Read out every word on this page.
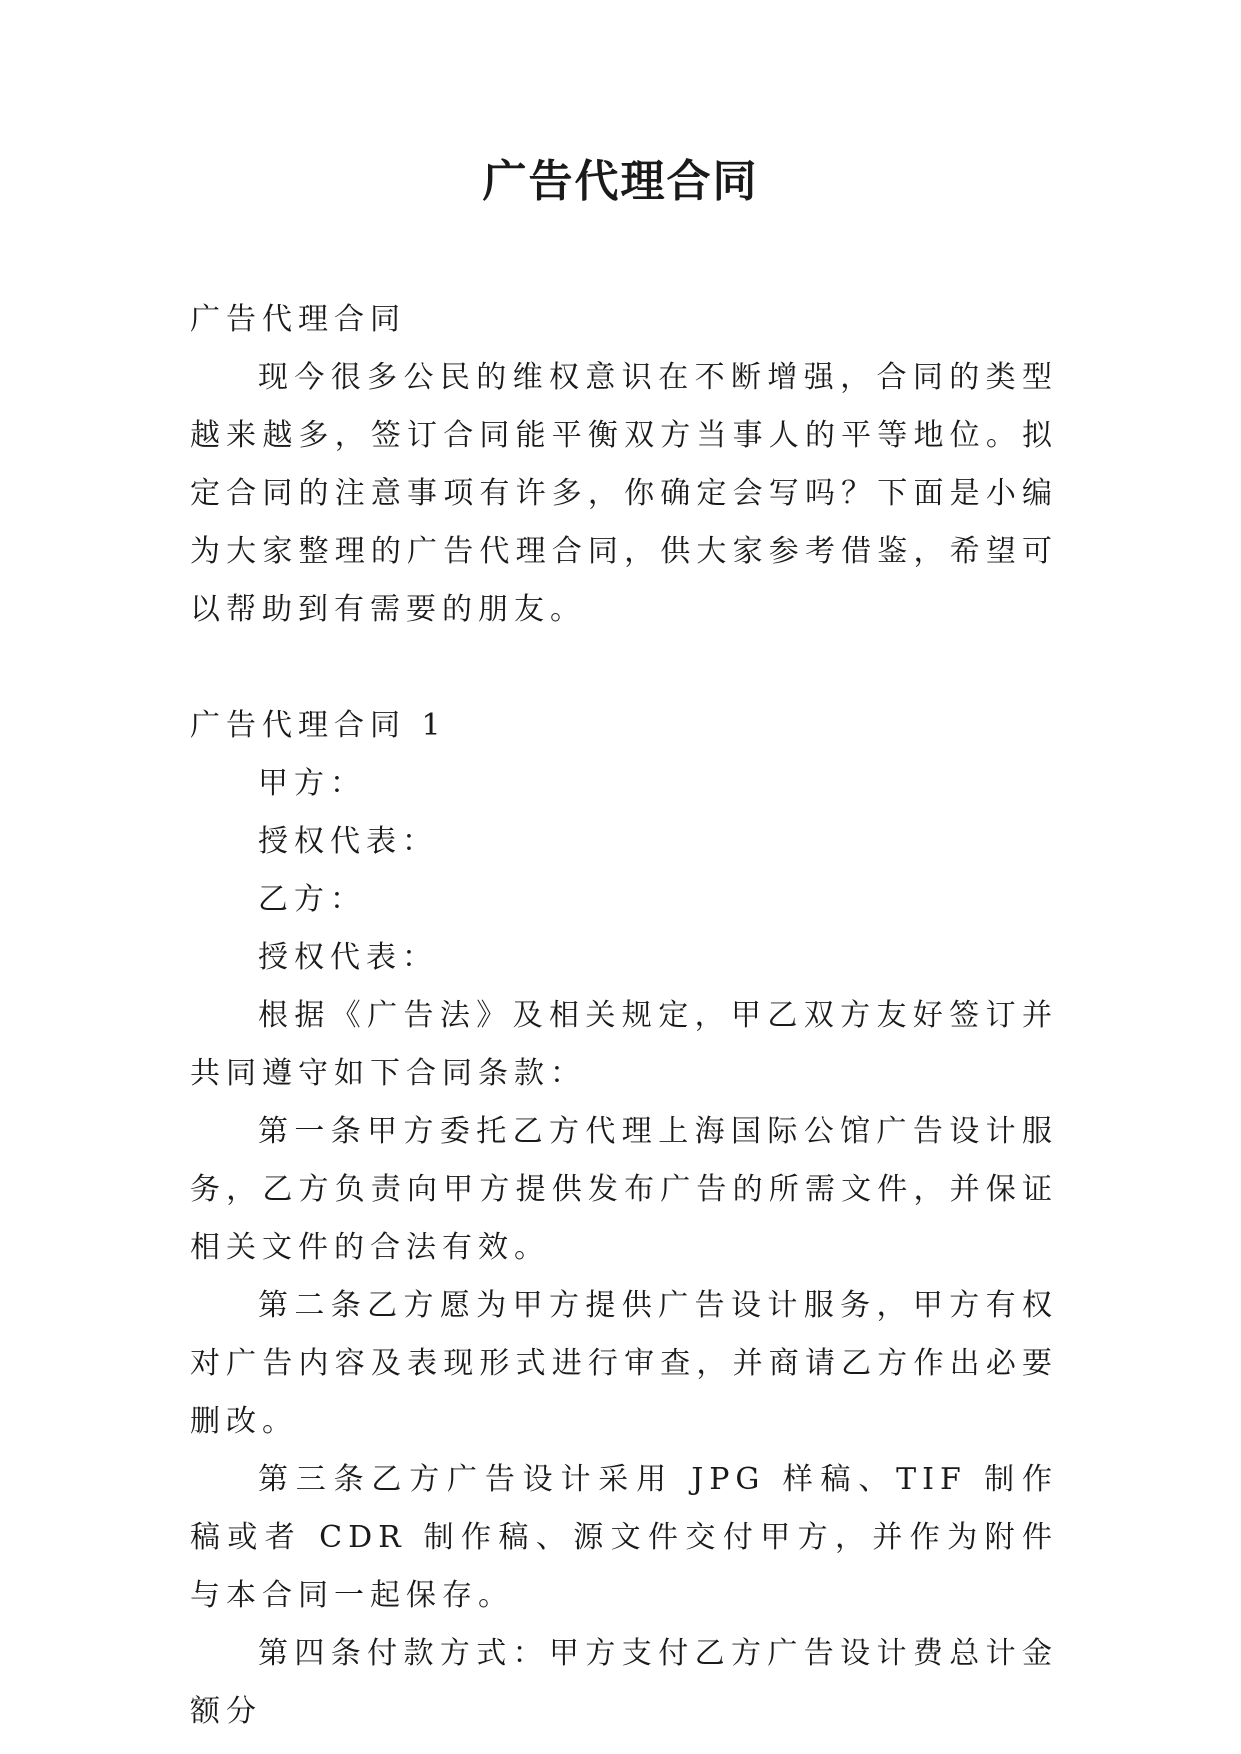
广告代理合同

广告代理合同

现今很多公民的维权意识在不断增强，合同的类型越来越多，签订合同能平衡双方当事人的平等地位。拟定合同的注意事项有许多，你确定会写吗？下面是小编为大家整理的广告代理合同，供大家参考借鉴，希望可以帮助到有需要的朋友。

广告代理合同 1

甲方：

授权代表：

乙方：

授权代表：

根据《广告法》及相关规定，甲乙双方友好签订并共同遵守如下合同条款：

第一条甲方委托乙方代理上海国际公馆广告设计服务，乙方负责向甲方提供发布广告的所需文件，并保证相关文件的合法有效。

第二条乙方愿为甲方提供广告设计服务，甲方有权对广告内容及表现形式进行审查，并商请乙方作出必要删改。

第三条乙方广告设计采用 JPG 样稿、TIF 制作稿或者 CDR 制作稿、源文件交付甲方，并作为附件与本合同一起保存。

第四条付款方式：甲方支付乙方广告设计费总计金额分
